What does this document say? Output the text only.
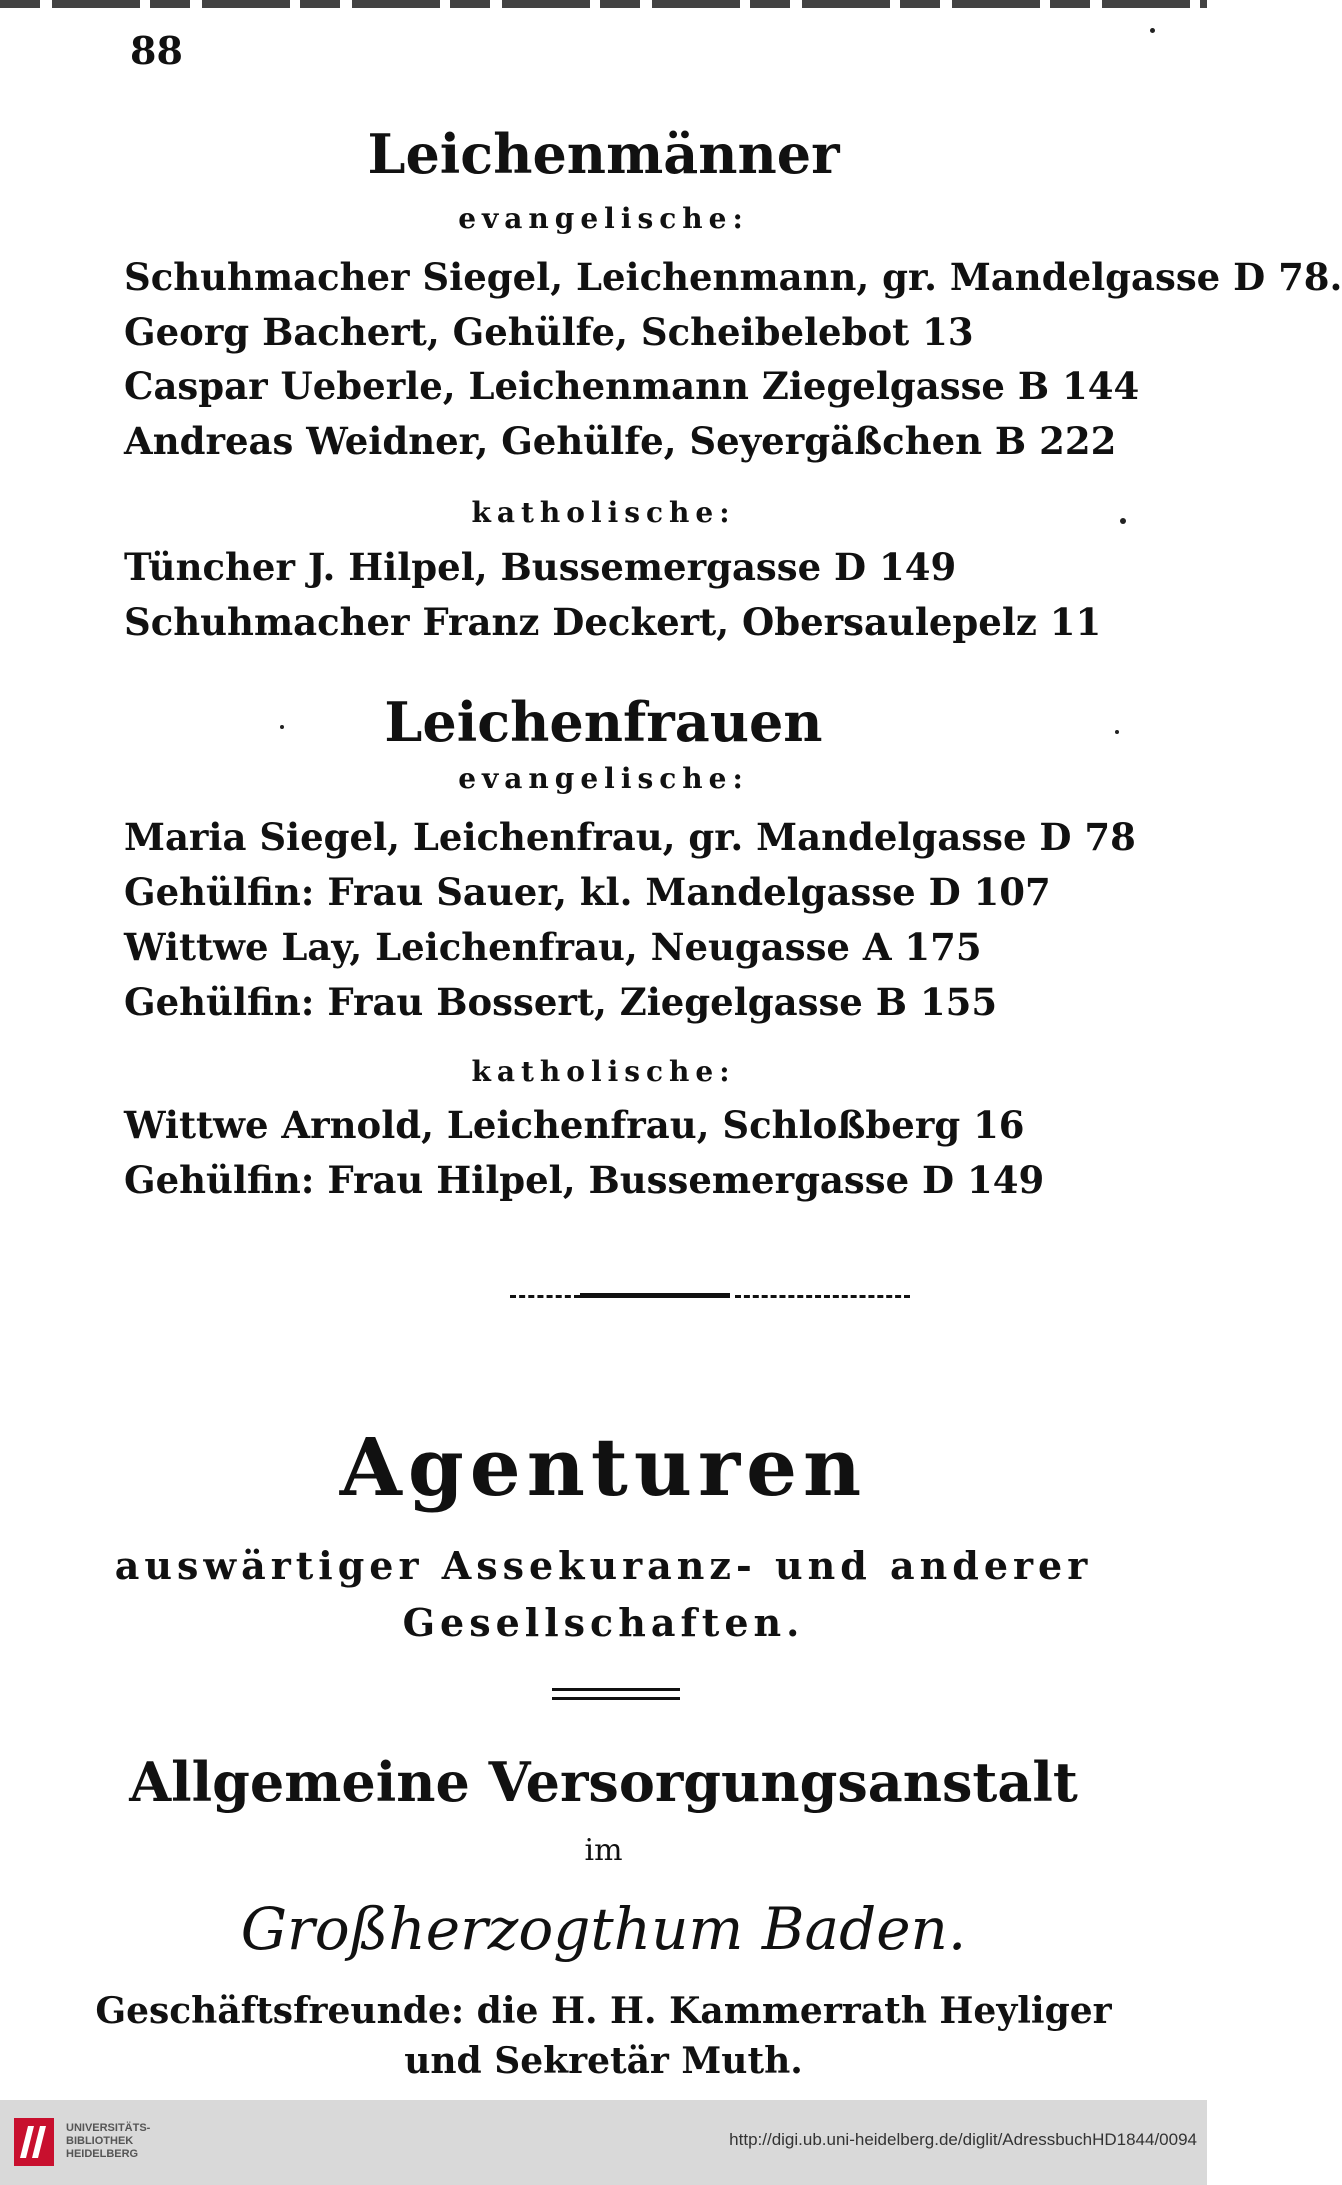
88
Leichenmänner
evangelische:
Schuhmacher Siegel, Leichenmann, gr. Mandelgasse D 78.
Georg Bachert, Gehülfe, Scheibelebot 13
Caspar Ueberle, Leichenmann Ziegelgasse B 144
Andreas Weidner, Gehülfe, Seyergäßchen B 222
katholische:
Tüncher J. Hilpel, Bussemergasse D 149
Schuhmacher Franz Deckert, Obersaulepelz 11
Leichenfrauen
evangelische:
Maria Siegel, Leichenfrau, gr. Mandelgasse D 78
Gehülfin: Frau Sauer, kl. Mandelgasse D 107
Wittwe Lay, Leichenfrau, Neugasse A 175
Gehülfin: Frau Bossert, Ziegelgasse B 155
katholische:
Wittwe Arnold, Leichenfrau, Schloßberg 16
Gehülfin: Frau Hilpel, Bussemergasse D 149
Agenturen
auswärtiger Assekuranz- und anderer
Gesellschaften.
Allgemeine Versorgungsanstalt
im
Großherzogthum Baden.
Geschäftsfreunde: die H. H. Kammerrath Heyliger
und Sekretär Muth.
UNIVERSITÄTS-
BIBLIOTHEK
HEIDELBERG
http://digi.ub.uni-heidelberg.de/diglit/AdressbuchHD1844/0094
